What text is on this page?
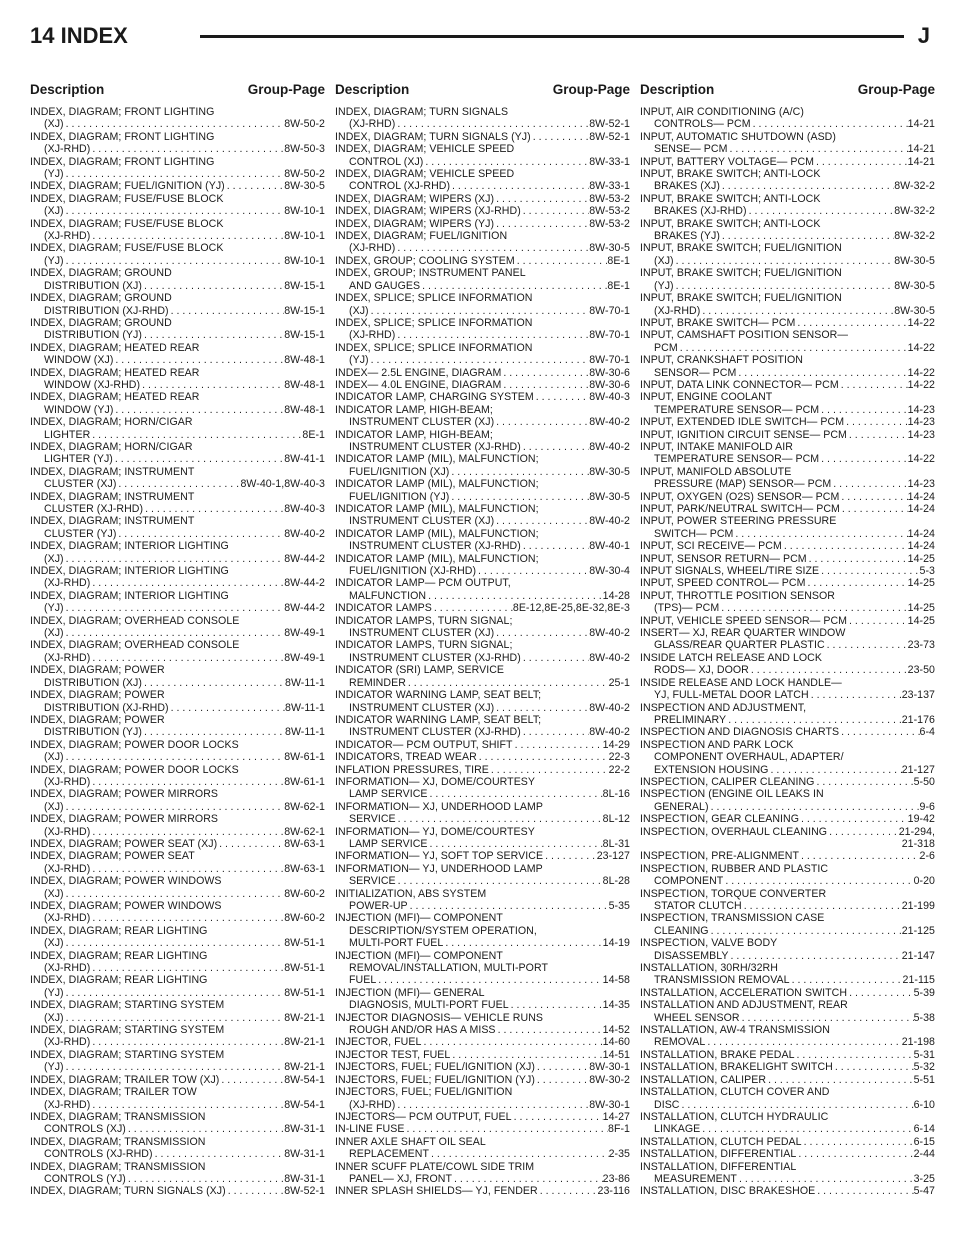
14 INDEX	J
Description	Group-Page
INDEX, DIAGRAM; FRONT LIGHTING
(XJ) . . .	8W-50-2
INDEX, DIAGRAM; FRONT LIGHTING
(XJ-RHD) . . .	8W-50-3
INDEX, DIAGRAM; FRONT LIGHTING
(YJ) . . .	8W-50-2
INDEX, DIAGRAM; FUEL/IGNITION (YJ) . . .	8W-30-5
INDEX, DIAGRAM; FUSE/FUSE BLOCK
(XJ) . . .	8W-10-1
INDEX, DIAGRAM; FUSE/FUSE BLOCK
(XJ-RHD) . . .	8W-10-1
INDEX, DIAGRAM; FUSE/FUSE BLOCK
(YJ) . . .	8W-10-1
INDEX, DIAGRAM; GROUND
DISTRIBUTION (XJ) . . .	8W-15-1
INDEX, DIAGRAM; GROUND
DISTRIBUTION (XJ-RHD) . . .	8W-15-1
INDEX, DIAGRAM; GROUND
DISTRIBUTION (YJ) . . .	8W-15-1
INDEX, DIAGRAM; HEATED REAR
WINDOW (XJ) . . .	8W-48-1
INDEX, DIAGRAM; HEATED REAR
WINDOW (XJ-RHD) . . .	8W-48-1
INDEX, DIAGRAM; HEATED REAR
WINDOW (YJ) . . .	8W-48-1
INDEX, DIAGRAM; HORN/CIGAR
LIGHTER . . .	8E-1
INDEX, DIAGRAM; HORN/CIGAR
LIGHTER (YJ) . . .	8W-41-1
INDEX, DIAGRAM; INSTRUMENT
CLUSTER (XJ) . . .	8W-40-1,8W-40-3
INDEX, DIAGRAM; INSTRUMENT
CLUSTER (XJ-RHD) . . .	8W-40-3
INDEX, DIAGRAM; INSTRUMENT
CLUSTER (YJ) . . .	8W-40-2
INDEX, DIAGRAM; INTERIOR LIGHTING
(XJ) . . .	8W-44-2
INDEX, DIAGRAM; INTERIOR LIGHTING
(XJ-RHD) . . .	8W-44-2
INDEX, DIAGRAM; INTERIOR LIGHTING
(YJ) . . .	8W-44-2
INDEX, DIAGRAM; OVERHEAD CONSOLE
(XJ) . . .	8W-49-1
INDEX, DIAGRAM; OVERHEAD CONSOLE
(XJ-RHD) . . .	8W-49-1
INDEX, DIAGRAM; POWER
DISTRIBUTION (XJ) . . .	8W-11-1
INDEX, DIAGRAM; POWER
DISTRIBUTION (XJ-RHD) . . .	8W-11-1
INDEX, DIAGRAM; POWER
DISTRIBUTION (YJ) . . .	8W-11-1
INDEX, DIAGRAM; POWER DOOR LOCKS
(XJ) . . .	8W-61-1
INDEX, DIAGRAM; POWER DOOR LOCKS
(XJ-RHD) . . .	8W-61-1
INDEX, DIAGRAM; POWER MIRRORS
(XJ) . . .	8W-62-1
INDEX, DIAGRAM; POWER MIRRORS
(XJ-RHD) . . .	8W-62-1
INDEX, DIAGRAM; POWER SEAT (XJ) . . .	8W-63-1
INDEX, DIAGRAM; POWER SEAT
(XJ-RHD) . . .	8W-63-1
INDEX, DIAGRAM; POWER WINDOWS
(XJ) . . .	8W-60-2
INDEX, DIAGRAM; POWER WINDOWS
(XJ-RHD) . . .	8W-60-2
INDEX, DIAGRAM; REAR LIGHTING
(XJ) . . .	8W-51-1
INDEX, DIAGRAM; REAR LIGHTING
(XJ-RHD) . . .	8W-51-1
INDEX, DIAGRAM; REAR LIGHTING
(YJ) . . .	8W-51-1
INDEX, DIAGRAM; STARTING SYSTEM
(XJ) . . .	8W-21-1
INDEX, DIAGRAM; STARTING SYSTEM
(XJ-RHD) . . .	8W-21-1
INDEX, DIAGRAM; STARTING SYSTEM
(YJ) . . .	8W-21-1
INDEX, DIAGRAM; TRAILER TOW (XJ) . . .	8W-54-1
INDEX, DIAGRAM; TRAILER TOW
(XJ-RHD) . . .	8W-54-1
INDEX, DIAGRAM; TRANSMISSION
CONTROLS (XJ) . . .	8W-31-1
INDEX, DIAGRAM; TRANSMISSION
CONTROLS (XJ-RHD) . . .	8W-31-1
INDEX, DIAGRAM; TRANSMISSION
CONTROLS (YJ) . . .	8W-31-1
INDEX, DIAGRAM; TURN SIGNALS (XJ) . . .	8W-52-1
Description	Group-Page
INDEX, DIAGRAM; TURN SIGNALS
(XJ-RHD) . . .	8W-52-1
INDEX, DIAGRAM; TURN SIGNALS (YJ) . . .	8W-52-1
INDEX, DIAGRAM; VEHICLE SPEED
CONTROL (XJ) . . .	8W-33-1
INDEX, DIAGRAM; VEHICLE SPEED
CONTROL (XJ-RHD) . . .	8W-33-1
INDEX, DIAGRAM; WIPERS (XJ) . . .	8W-53-2
INDEX, DIAGRAM; WIPERS (XJ-RHD) . . .	8W-53-2
INDEX, DIAGRAM; WIPERS (YJ) . . .	8W-53-2
INDEX, DIAGRAM; FUEL/IGNITION
(XJ-RHD) . . .	8W-30-5
INDEX, GROUP; COOLING SYSTEM . . .	8E-1
INDEX, GROUP; INSTRUMENT PANEL
AND GAUGES . . .	8E-1
INDEX, SPLICE; SPLICE INFORMATION
(XJ) . . .	8W-70-1
INDEX, SPLICE; SPLICE INFORMATION
(XJ-RHD) . . .	8W-70-1
INDEX, SPLICE; SPLICE INFORMATION
(YJ) . . .	8W-70-1
INDEX— 2.5L ENGINE, DIAGRAM . . .	8W-30-6
INDEX— 4.0L ENGINE, DIAGRAM . . .	8W-30-6
INDICATOR LAMP, CHARGING SYSTEM . . .	8W-40-3
INDICATOR LAMP, HIGH-BEAM;
INSTRUMENT CLUSTER (XJ) . . .	8W-40-2
INDICATOR LAMP, HIGH-BEAM;
INSTRUMENT CLUSTER (XJ-RHD) . . .	8W-40-2
INDICATOR LAMP (MIL), MALFUNCTION;
FUEL/IGNITION (XJ) . . .	8W-30-5
INDICATOR LAMP (MIL), MALFUNCTION;
FUEL/IGNITION (YJ) . . .	8W-30-5
INDICATOR LAMP (MIL), MALFUNCTION;
INSTRUMENT CLUSTER (XJ) . . .	8W-40-2
INDICATOR LAMP (MIL), MALFUNCTION;
INSTRUMENT CLUSTER (XJ-RHD) . . .	8W-40-1
INDICATOR LAMP (MIL), MALFUNCTION;
FUEL/IGNITION (XJ-RHD) . . .	8W-30-4
INDICATOR LAMP— PCM OUTPUT,
MALFUNCTION . . .	14-28
INDICATOR LAMPS . . .	8E-12,8E-25,8E-32,8E-3
INDICATOR LAMPS, TURN SIGNAL;
INSTRUMENT CLUSTER (XJ) . . .	8W-40-2
INDICATOR LAMPS, TURN SIGNAL;
INSTRUMENT CLUSTER (XJ-RHD) . . .	8W-40-2
INDICATOR (SRI) LAMP, SERVICE
REMINDER . . .	25-1
INDICATOR WARNING LAMP, SEAT BELT;
INSTRUMENT CLUSTER (XJ) . . .	8W-40-2
INDICATOR WARNING LAMP, SEAT BELT;
INSTRUMENT CLUSTER (XJ-RHD) . . .	8W-40-2
INDICATOR— PCM OUTPUT, SHIFT . . .	14-29
INDICATORS, TREAD WEAR . . .	22-3
INFLATION PRESSURES, TIRE . . .	22-2
INFORMATION— XJ, DOME/COURTESY
LAMP SERVICE . . .	8L-16
INFORMATION— XJ, UNDERHOOD LAMP
SERVICE . . .	8L-12
INFORMATION— YJ, DOME/COURTESY
LAMP SERVICE . . .	8L-31
INFORMATION— YJ, SOFT TOP SERVICE . . .	23-127
INFORMATION— YJ, UNDERHOOD LAMP
SERVICE . . .	8L-28
INITIALIZATION, ABS SYSTEM
POWER-UP . . .	5-35
INJECTION (MFI)— COMPONENT
DESCRIPTION/SYSTEM OPERATION,
MULTI-PORT FUEL . . .	14-19
INJECTION (MFI)— COMPONENT
REMOVAL/INSTALLATION, MULTI-PORT
FUEL . . .	14-58
INJECTION (MFI)— GENERAL
DIAGNOSIS, MULTI-PORT FUEL . . .	14-35
INJECTOR DIAGNOSIS— VEHICLE RUNS
ROUGH AND/OR HAS A MISS . . .	14-52
INJECTOR, FUEL . . .	14-60
INJECTOR TEST, FUEL . . .	14-51
INJECTORS, FUEL; FUEL/IGNITION (XJ) . . .	8W-30-1
INJECTORS, FUEL; FUEL/IGNITION (YJ) . . .	8W-30-2
INJECTORS, FUEL; FUEL/IGNITION
(XJ-RHD) . . .	8W-30-1
INJECTORS— PCM OUTPUT, FUEL . . .	14-27
IN-LINE FUSE . . .	8F-1
INNER AXLE SHAFT OIL SEAL
REPLACEMENT . . .	2-35
INNER SCUFF PLATE/COWL SIDE TRIM
PANEL— XJ, FRONT . . .	23-86
INNER SPLASH SHIELDS— YJ, FENDER . . .	23-116
Description	Group-Page
INPUT, AIR CONDITIONING (A/C)
CONTROLS— PCM . . .	14-21
INPUT, AUTOMATIC SHUTDOWN (ASD)
SENSE— PCM . . .	14-21
INPUT, BATTERY VOLTAGE— PCM . . .	14-21
INPUT, BRAKE SWITCH; ANTI-LOCK
BRAKES (XJ) . . .	8W-32-2
INPUT, BRAKE SWITCH; ANTI-LOCK
BRAKES (XJ-RHD) . . .	8W-32-2
INPUT, BRAKE SWITCH; ANTI-LOCK
BRAKES (YJ) . . .	8W-32-2
INPUT, BRAKE SWITCH; FUEL/IGNITION
(XJ) . . .	8W-30-5
INPUT, BRAKE SWITCH; FUEL/IGNITION
(YJ) . . .	8W-30-5
INPUT, BRAKE SWITCH; FUEL/IGNITION
(XJ-RHD) . . .	8W-30-5
INPUT, BRAKE SWITCH— PCM . . .	14-22
INPUT, CAMSHAFT POSITION SENSOR—
PCM . . .	14-22
INPUT, CRANKSHAFT POSITION
SENSOR— PCM . . .	14-22
INPUT, DATA LINK CONNECTOR— PCM . . .	14-22
INPUT, ENGINE COOLANT
TEMPERATURE SENSOR— PCM . . .	14-23
INPUT, EXTENDED IDLE SWITCH— PCM . . .	14-23
INPUT, IGNITION CIRCUIT SENSE— PCM . . .	14-23
INPUT, INTAKE MANIFOLD AIR
TEMPERATURE SENSOR— PCM . . .	14-22
INPUT, MANIFOLD ABSOLUTE
PRESSURE (MAP) SENSOR— PCM . . .	14-23
INPUT, OXYGEN (O2S) SENSOR— PCM . . .	14-24
INPUT, PARK/NEUTRAL SWITCH— PCM . . .	14-24
INPUT, POWER STEERING PRESSURE
SWITCH— PCM . . .	14-24
INPUT, SCI RECEIVE— PCM . . .	14-24
INPUT, SENSOR RETURN— PCM . . .	14-25
INPUT SIGNALS, WHEEL/TIRE SIZE . . .	5-3
INPUT, SPEED CONTROL— PCM . . .	14-25
INPUT, THROTTLE POSITION SENSOR
(TPS)— PCM . . .	14-25
INPUT, VEHICLE SPEED SENSOR— PCM . . .	14-25
INSERT— XJ, REAR QUARTER WINDOW
GLASS/REAR QUARTER PLASTIC . . .	23-73
INSIDE LATCH RELEASE AND LOCK
RODS— XJ, DOOR . . .	23-50
INSIDE RELEASE AND LOCK HANDLE—
YJ, FULL-METAL DOOR LATCH . . .	23-137
INSPECTION AND ADJUSTMENT,
PRELIMINARY . . .	21-176
INSPECTION AND DIAGNOSIS CHARTS . . .	6-4
INSPECTION AND PARK LOCK
COMPONENT OVERHAUL, ADAPTER/
EXTENSION HOUSING . . .	21-127
INSPECTION, CALIPER CLEANING . . .	5-50
INSPECTION (ENGINE OIL LEAKS IN
GENERAL) . . .	9-6
INSPECTION, GEAR CLEANING . . .	19-42
INSPECTION, OVERHAUL CLEANING . . .	21-294,
21-318
INSPECTION, PRE-ALIGNMENT . . .	2-6
INSPECTION, RUBBER AND PLASTIC
COMPONENT . . .	0-20
INSPECTION, TORQUE CONVERTER
STATOR CLUTCH . . .	21-199
INSPECTION, TRANSMISSION CASE
CLEANING . . .	21-125
INSPECTION, VALVE BODY
DISASSEMBLY . . .	21-147
INSTALLATION, 30RH/32RH
TRANSMISSION REMOVAL . . .	21-115
INSTALLATION, ACCELERATION SWITCH . . .	5-39
INSTALLATION AND ADJUSTMENT, REAR
WHEEL SENSOR . . .	5-38
INSTALLATION, AW-4 TRANSMISSION
REMOVAL . . .	21-198
INSTALLATION, BRAKE PEDAL . . .	5-31
INSTALLATION, BRAKELIGHT SWITCH . . .	5-32
INSTALLATION, CALIPER . . .	5-51
INSTALLATION, CLUTCH COVER AND
DISC . . .	6-10
INSTALLATION, CLUTCH HYDRAULIC
LINKAGE . . .	6-14
INSTALLATION, CLUTCH PEDAL . . .	6-15
INSTALLATION, DIFFERENTIAL . . .	2-44
INSTALLATION, DIFFERENTIAL
MEASUREMENT . . .	3-25
INSTALLATION, DISC BRAKESHOE . . .	5-47
